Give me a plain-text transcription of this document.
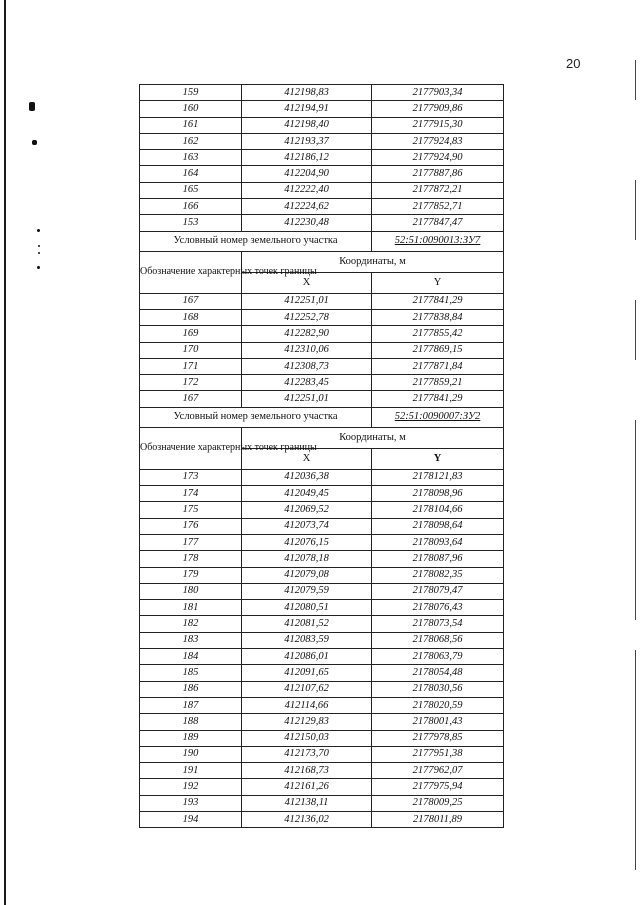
20
159	412198,83	2177903,34
160	412194,91	2177909,86
161	412198,40	2177915,30
162	412193,37	2177924,83
163	412186,12	2177924,90
164	412204,90	2177887,86
165	412222,40	2177872,21
166	412224,62	2177852,71
153	412230,48	2177847,47
Условный номер земельного участка		52:51:0090013:ЗУ7
Обозначение характерных точек границы	Координаты, м	
	X	Y
167	412251,01	2177841,29
168	412252,78	2177838,84
169	412282,90	2177855,42
170	412310,06	2177869,15
171	412308,73	2177871,84
172	412283,45	2177859,21
167	412251,01	2177841,29
Условный номер земельного участка		52:51:0090007:ЗУ2
Обозначение характерных точек границы	Координаты, м	
	X	Y
173	412036,38	2178121,83
174	412049,45	2178098,96
175	412069,52	2178104,66
176	412073,74	2178098,64
177	412076,15	2178093,64
178	412078,18	2178087,96
179	412079,08	2178082,35
180	412079,59	2178079,47
181	412080,51	2178076,43
182	412081,52	2178073,54
183	412083,59	2178068,56
184	412086,01	2178063,79
185	412091,65	2178054,48
186	412107,62	2178030,56
187	412114,66	2178020,59
188	412129,83	2178001,43
189	412150,03	2177978,85
190	412173,70	2177951,38
191	412168,73	2177962,07
192	412161,26	2177975,94
193	412138,11	2178009,25
194	412136,02	2178011,89
